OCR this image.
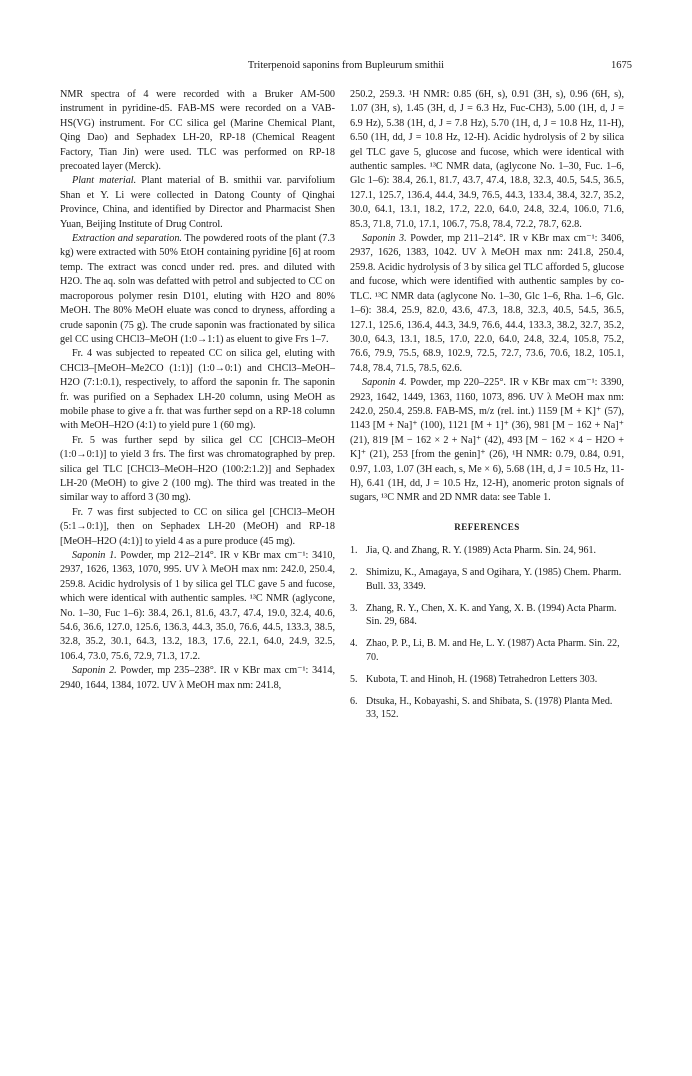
Triterpenoid saponins from Bupleurum smithii	1675

NMR spectra of 4 were recorded with a Bruker AM-500 instrument in pyridine-d5. FAB-MS were recorded on a VAB-HS(VG) instrument. For CC silica gel (Marine Chemical Plant, Qing Dao) and Sephadex LH-20, RP-18 (Chemical Reagent Factory, Tian Jin) were used. TLC was performed on RP-18 precoated layer (Merck).

Plant material. Plant material of B. smithii var. parvifolium Shan et Y. Li were collected in Datong County of Qinghai Province, China, and identified by Director and Pharmacist Shen Yuan, Beijing Institute of Drug Control.

Extraction and separation. The powdered roots of the plant (7.3 kg) were extracted with 50% EtOH containing pyridine [6] at room temp. The extract was concd under red. pres. and diluted with H2O. The aq. soln was defatted with petrol and subjected to CC on macroporous polymer resin D101, eluting with H2O and 80% MeOH. The 80% MeOH eluate was concd to dryness, affording a crude saponin (75 g). The crude saponin was fractionated by silica gel CC using CHCl3–MeOH (1:0→1:1) as eluent to give Frs 1–7.

Fr. 4 was subjected to repeated CC on silica gel, eluting with CHCl3–[MeOH–Me2CO (1:1)] (1:0→0:1) and CHCl3–MeOH–H2O (7:1:0.1), respectively, to afford the saponin fr. The saponin fr. was purified on a Sephadex LH-20 column, using MeOH as mobile phase to give a fr. that was further sepd on a RP-18 column with MeOH–H2O (4:1) to yield pure 1 (60 mg).

Fr. 5 was further sepd by silica gel CC [CHCl3–MeOH (1:0→0:1)] to yield 3 frs. The first was chromatographed by prep. silica gel TLC [CHCl3–MeOH–H2O (100:2:1.2)] and Sephadex LH-20 (MeOH) to give 2 (100 mg). The third was treated in the similar way to afford 3 (30 mg).

Fr. 7 was first subjected to CC on silica gel [CHCl3–MeOH (5:1→0:1)], then on Sephadex LH-20 (MeOH) and RP-18 [MeOH–H2O (4:1)] to yield 4 as a pure produce (45 mg).

Saponin 1. Powder, mp 212–214°. IR ν KBr max cm⁻¹: 3410, 2937, 1626, 1363, 1070, 995. UV λ MeOH max nm: 242.0, 250.4, 259.8. Acidic hydrolysis of 1 by silica gel TLC gave 5 and fucose, which were identical with authentic samples. ¹³C NMR (aglycone, No. 1–30, Fuc 1–6): 38.4, 26.1, 81.6, 43.7, 47.4, 19.0, 32.4, 40.6, 54.6, 36.6, 127.0, 125.6, 136.3, 44.3, 35.0, 76.6, 44.5, 133.3, 38.5, 32.8, 35.2, 30.1, 64.3, 13.2, 18.3, 17.6, 22.1, 64.0, 24.9, 32.5, 106.4, 73.0, 75.6, 72.9, 71.3, 17.2.

Saponin 2. Powder, mp 235–238°. IR ν KBr max cm⁻¹: 3414, 2940, 1644, 1384, 1072. UV λ MeOH max nm: 241.8,

250.2, 259.3. ¹H NMR: 0.85 (6H, s), 0.91 (3H, s), 0.96 (6H, s), 1.07 (3H, s), 1.45 (3H, d, J = 6.3 Hz, Fuc-CH3), 5.00 (1H, d, J = 6.9 Hz), 5.38 (1H, d, J = 7.8 Hz), 5.70 (1H, d, J = 10.8 Hz, 11-H), 6.50 (1H, dd, J = 10.8 Hz, 12-H). Acidic hydrolysis of 2 by silica gel TLC gave 5, glucose and fucose, which were identical with authentic samples. ¹³C NMR data, (aglycone No. 1–30, Fuc. 1–6, Glc 1–6): 38.4, 26.1, 81.7, 43.7, 47.4, 18.8, 32.3, 40.5, 54.5, 36.5, 127.1, 125.7, 136.4, 44.4, 34.9, 76.5, 44.3, 133.4, 38.4, 32.7, 35.2, 30.0, 64.1, 13.1, 18.2, 17.2, 22.0, 64.0, 24.8, 32.4, 106.0, 71.6, 85.3, 71.8, 71.0, 17.1, 106.7, 75.8, 78.4, 72.2, 78.7, 62.8.

Saponin 3. Powder, mp 211–214°. IR ν KBr max cm⁻¹: 3406, 2937, 1626, 1383, 1042. UV λ MeOH max nm: 241.8, 250.4, 259.8. Acidic hydrolysis of 3 by silica gel TLC afforded 5, glucose and fucose, which were identified with authentic samples by co-TLC. ¹³C NMR data (aglycone No. 1–30, Glc 1–6, Rha. 1–6, Glc. 1–6): 38.4, 25.9, 82.0, 43.6, 47.3, 18.8, 32.3, 40.5, 54.5, 36.5, 127.1, 125.6, 136.4, 44.3, 34.9, 76.6, 44.4, 133.3, 38.2, 32.7, 35.2, 30.0, 64.3, 13.1, 18.5, 17.0, 22.0, 64.0, 24.8, 32.4, 105.8, 75.2, 76.6, 79.9, 75.5, 68.9, 102.9, 72.5, 72.7, 73.6, 70.6, 18.2, 105.1, 74.8, 78.4, 71.5, 78.5, 62.6.

Saponin 4. Powder, mp 220–225°. IR ν KBr max cm⁻¹: 3390, 2923, 1642, 1449, 1363, 1160, 1073, 896. UV λ MeOH max nm: 242.0, 250.4, 259.8. FAB-MS, m/z (rel. int.) 1159 [M + K]⁺ (57), 1143 [M + Na]⁺ (100), 1121 [M + 1]⁺ (36), 981 [M − 162 + Na]⁺ (21), 819 [M − 162 × 2 + Na]⁺ (42), 493 [M − 162 × 4 − H2O + K]⁺ (21), 253 [from the genin]⁺ (26), ¹H NMR: 0.79, 0.84, 0.91, 0.97, 1.03, 1.07 (3H each, s, Me × 6), 5.68 (1H, d, J = 10.5 Hz, 11-H), 6.41 (1H, dd, J = 10.5 Hz, 12-H), anomeric proton signals of sugars, ¹³C NMR and 2D NMR data: see Table 1.

REFERENCES
1. Jia, Q. and Zhang, R. Y. (1989) Acta Pharm. Sin. 24, 961.
2. Shimizu, K., Amagaya, S and Ogihara, Y. (1985) Chem. Pharm. Bull. 33, 3349.
3. Zhang, R. Y., Chen, X. K. and Yang, X. B. (1994) Acta Pharm. Sin. 29, 684.
4. Zhao, P. P., Li, B. M. and He, L. Y. (1987) Acta Pharm. Sin. 22, 70.
5. Kubota, T. and Hinoh, H. (1968) Tetrahedron Letters 303.
6. Dtsuka, H., Kobayashi, S. and Shibata, S. (1978) Planta Med. 33, 152.
